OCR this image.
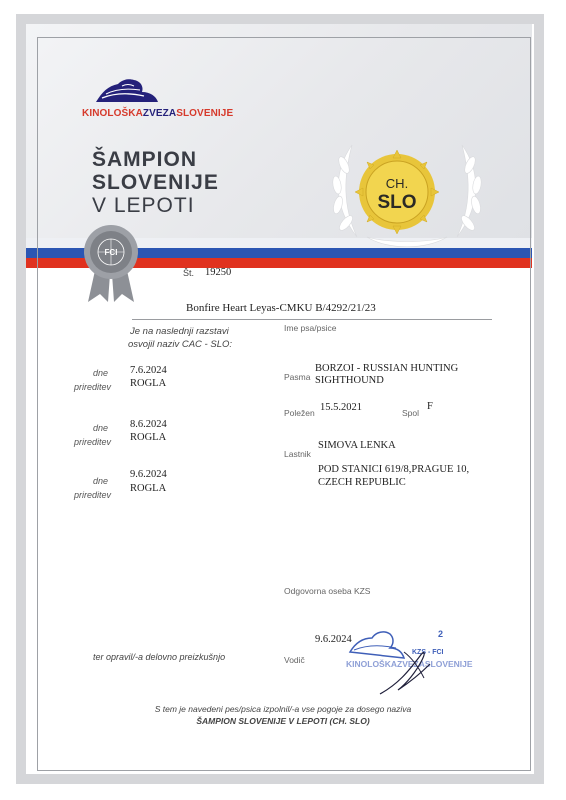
KINOLOŠKAZVEZASLOVENIJE
ŠAMPION
SLOVENIJE
V LEPOTI
CH.
SLO
FCI
Št. 19250
Bonfire Heart Leyas-CMKU B/4292/21/23
Ime psa/psice
Je na naslednji razstavi
osvojil naziv CAC - SLO:
dne 7.6.2024
prireditev ROGLA
dne 8.6.2024
prireditev ROGLA
dne
9.6.2024
prireditev
ROGLA
Pasma
BORZOI - RUSSIAN HUNTING
SIGHTHOUND
Poležen 15.5.2021	Spol
F
Lastnik
SIMOVA LENKA
POD STANICI 619/8,PRAGUE 10,
CZECH REPUBLIC
Odgovorna oseba KZS
9.6.2024
Vodič
ter opravil/-a delovno preizkušnjo
2
KZS - FCI
KINOLOŠKAZVEZASLOVENIJE
S tem je navedeni pes/psica izpolnil/-a vse pogoje za dosego naziva
ŠAMPION SLOVENIJE V LEPOTI (CH. SLO)
